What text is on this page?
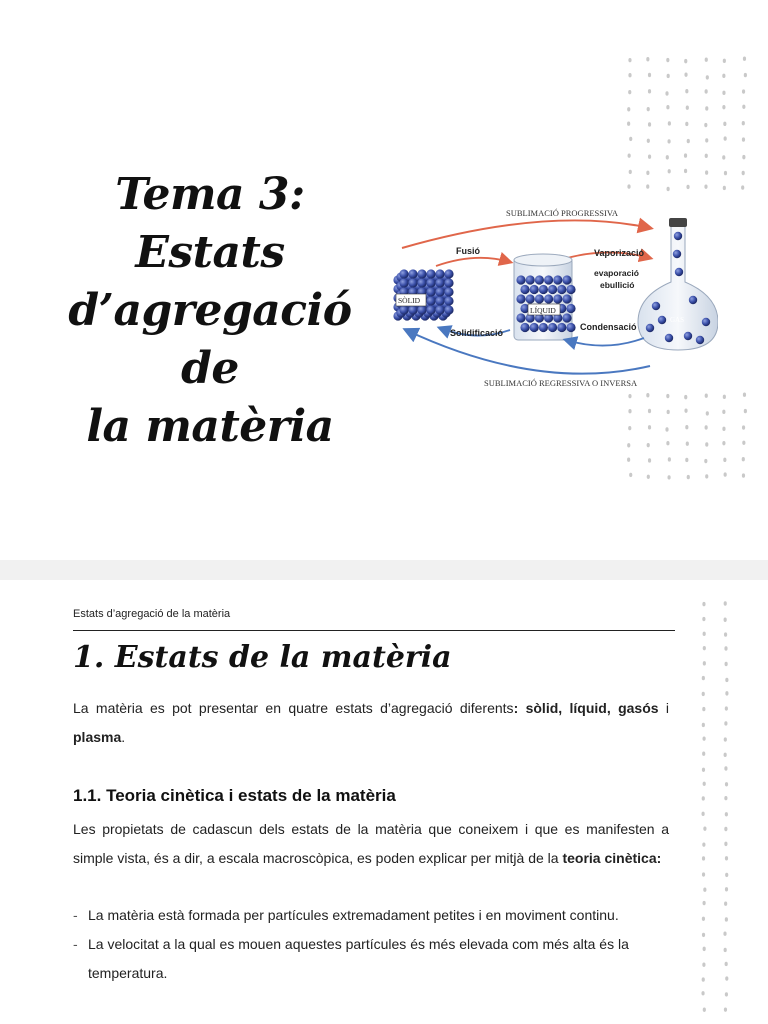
Tema 3:
Estats
d’agregació de
la matèria
SUBLIMACIÓ PROGRESSIVA
Fusió	Vaporizació
evaporació
ebullició
SÒLID
LÍQUID
GAS
Solidificació
Condensació
SUBLIMACIÓ REGRESSIVA O INVERSA
Estats d’agregació de la matèria
1. Estats de la matèria
La matèria es pot presentar en quatre estats d’agregació diferents: sòlid, líquid, gasós i plasma.
1.1. Teoria cinètica i estats de la matèria
Les propietats de cadascun dels estats de la matèria que coneixem i que es manifesten a simple vista, és a dir, a escala macroscòpica, es poden explicar per mitjà de la teoria cinètica:
- La matèria està formada per partícules extremadament petites i en moviment continu.
- La velocitat a la qual es mouen aquestes partícules és més elevada com més alta és la temperatura.
